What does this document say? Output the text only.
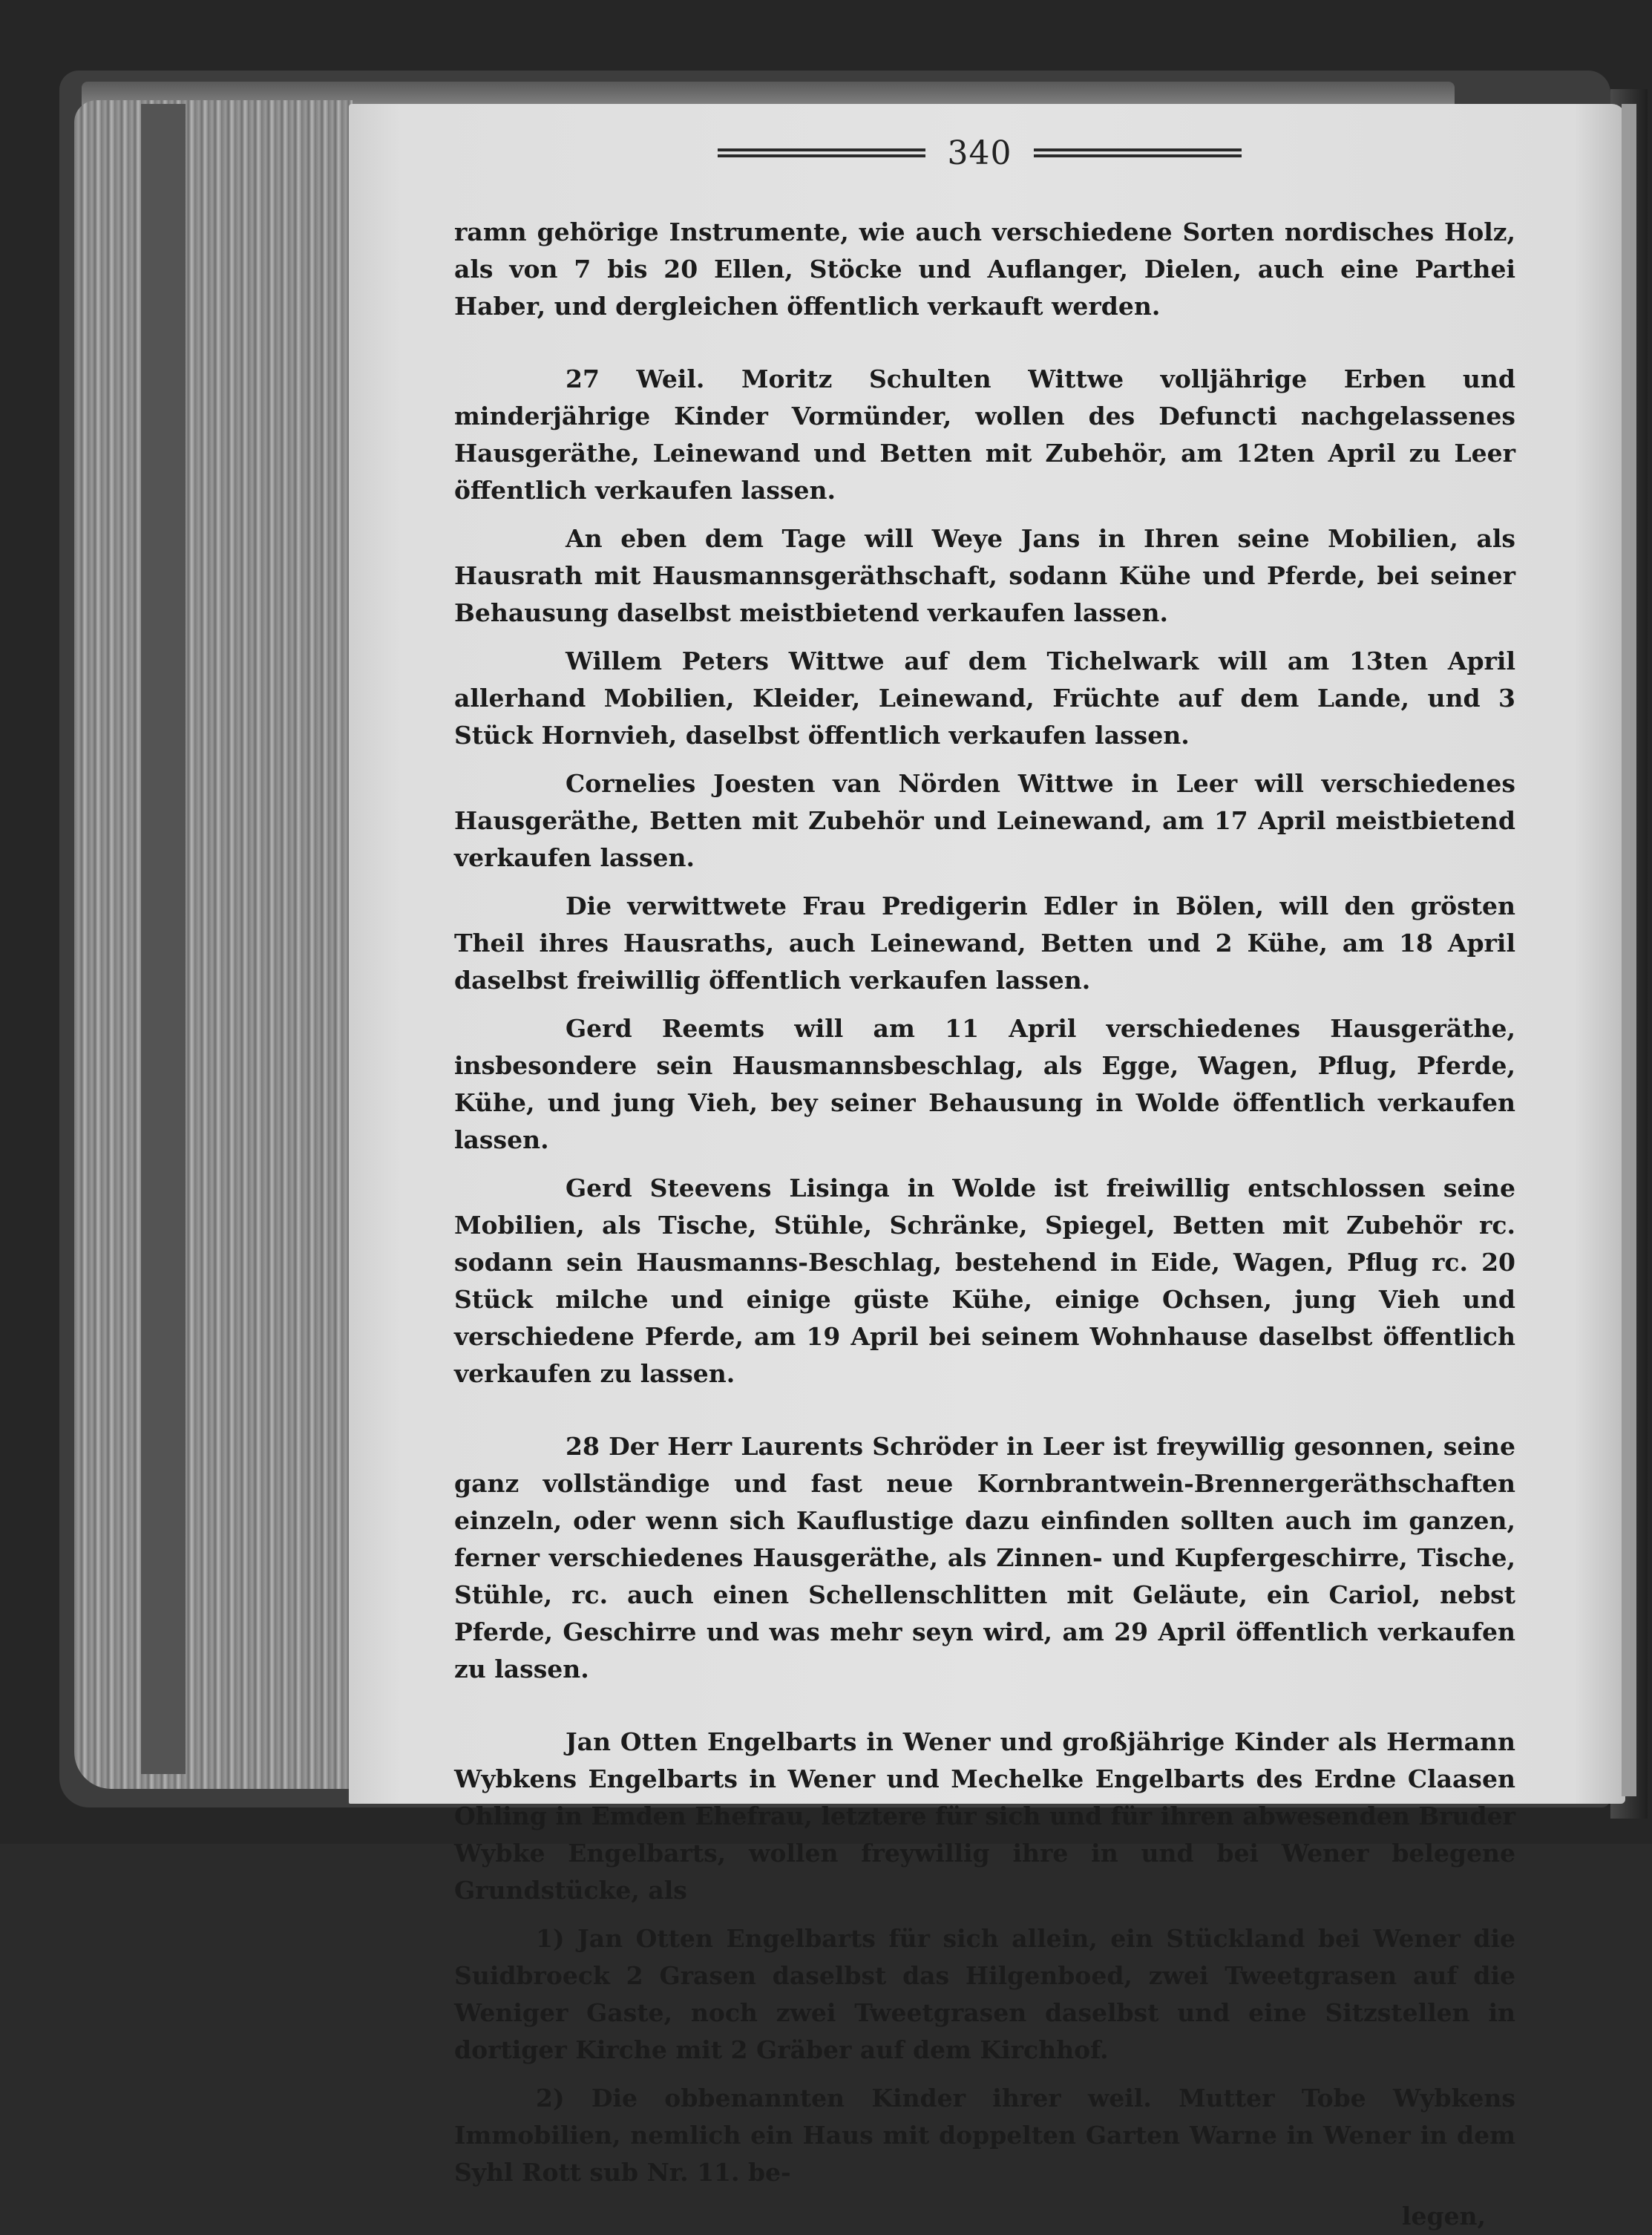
340

ramn gehörige Instrumente, wie auch verschiedene Sorten nordisches Holz, als von 7 bis 20 Ellen, Stöcke und Auflanger, Dielen, auch eine Parthei Haber, und dergleichen öffentlich verkauft werden.

27 Weil. Moritz Schulten Wittwe volljährige Erben und minderjährige Kinder Vormünder, wollen des Defuncti nachgelassenes Hausgeräthe, Leinewand und Betten mit Zubehör, am 12ten April zu Leer öffentlich verkaufen lassen.

An eben dem Tage will Weye Jans in Ihren seine Mobilien, als Hausrath mit Hausmannsgeräthschaft, sodann Kühe und Pferde, bei seiner Behausung daselbst meistbietend verkaufen lassen.

Willem Peters Wittwe auf dem Tichelwark will am 13ten April allerhand Mobilien, Kleider, Leinewand, Früchte auf dem Lande, und 3 Stück Hornvieh, daselbst öffentlich verkaufen lassen.

Cornelies Joesten van Nörden Wittwe in Leer will verschiedenes Hausgeräthe, Betten mit Zubehör und Leinewand, am 17 April meistbietend verkaufen lassen.

Die verwittwete Frau Predigerin Edler in Bölen, will den grösten Theil ihres Hausraths, auch Leinewand, Betten und 2 Kühe, am 18 April daselbst freiwillig öffentlich verkaufen lassen.

Gerd Reemts will am 11 April verschiedenes Hausgeräthe, insbesondere sein Hausmannsbeschlag, als Egge, Wagen, Pflug, Pferde, Kühe, und jung Vieh, bey seiner Behausung in Wolde öffentlich verkaufen lassen.

Gerd Steevens Lisinga in Wolde ist freiwillig entschlossen seine Mobilien, als Tische, Stühle, Schränke, Spiegel, Betten mit Zubehör rc. sodann sein Hausmanns-Beschlag, bestehend in Eide, Wagen, Pflug rc. 20 Stück milche und einige güste Kühe, einige Ochsen, jung Vieh und verschiedene Pferde, am 19 April bei seinem Wohnhause daselbst öffentlich verkaufen zu lassen.

28 Der Herr Laurents Schröder in Leer ist freywillig gesonnen, seine ganz vollständige und fast neue Kornbrantwein-Brennergeräthschaften einzeln, oder wenn sich Kauflustige dazu einfinden sollten auch im ganzen, ferner verschiedenes Hausgeräthe, als Zinnen- und Kupfergeschirre, Tische, Stühle, rc. auch einen Schellenschlitten mit Geläute, ein Cariol, nebst Pferde, Geschirre und was mehr seyn wird, am 29 April öffentlich verkaufen zu lassen.

Jan Otten Engelbarts in Wener und großjährige Kinder als Hermann Wybkens Engelbarts in Wener und Mechelke Engelbarts des Erdne Claasen Ohling in Emden Ehefrau, letztere für sich und für ihren abwesenden Bruder Wybke Engelbarts, wollen freywillig ihre in und bei Wener belegene Grundstücke, als

1) Jan Otten Engelbarts für sich allein, ein Stückland bei Wener die Suidbroeck 2 Grasen daselbst das Hilgenboed, zwei Tweetgrasen auf die Weniger Gaste, noch zwei Tweetgrasen daselbst und eine Sitzstellen in dortiger Kirche mit 2 Gräber auf dem Kirchhof.

2) Die obbenannten Kinder ihrer weil. Mutter Tobe Wybkens Immobilien, nemlich ein Haus mit doppelten Garten Warne in Wener in dem Syhl Rott sub Nr. 11. be-

legen,
